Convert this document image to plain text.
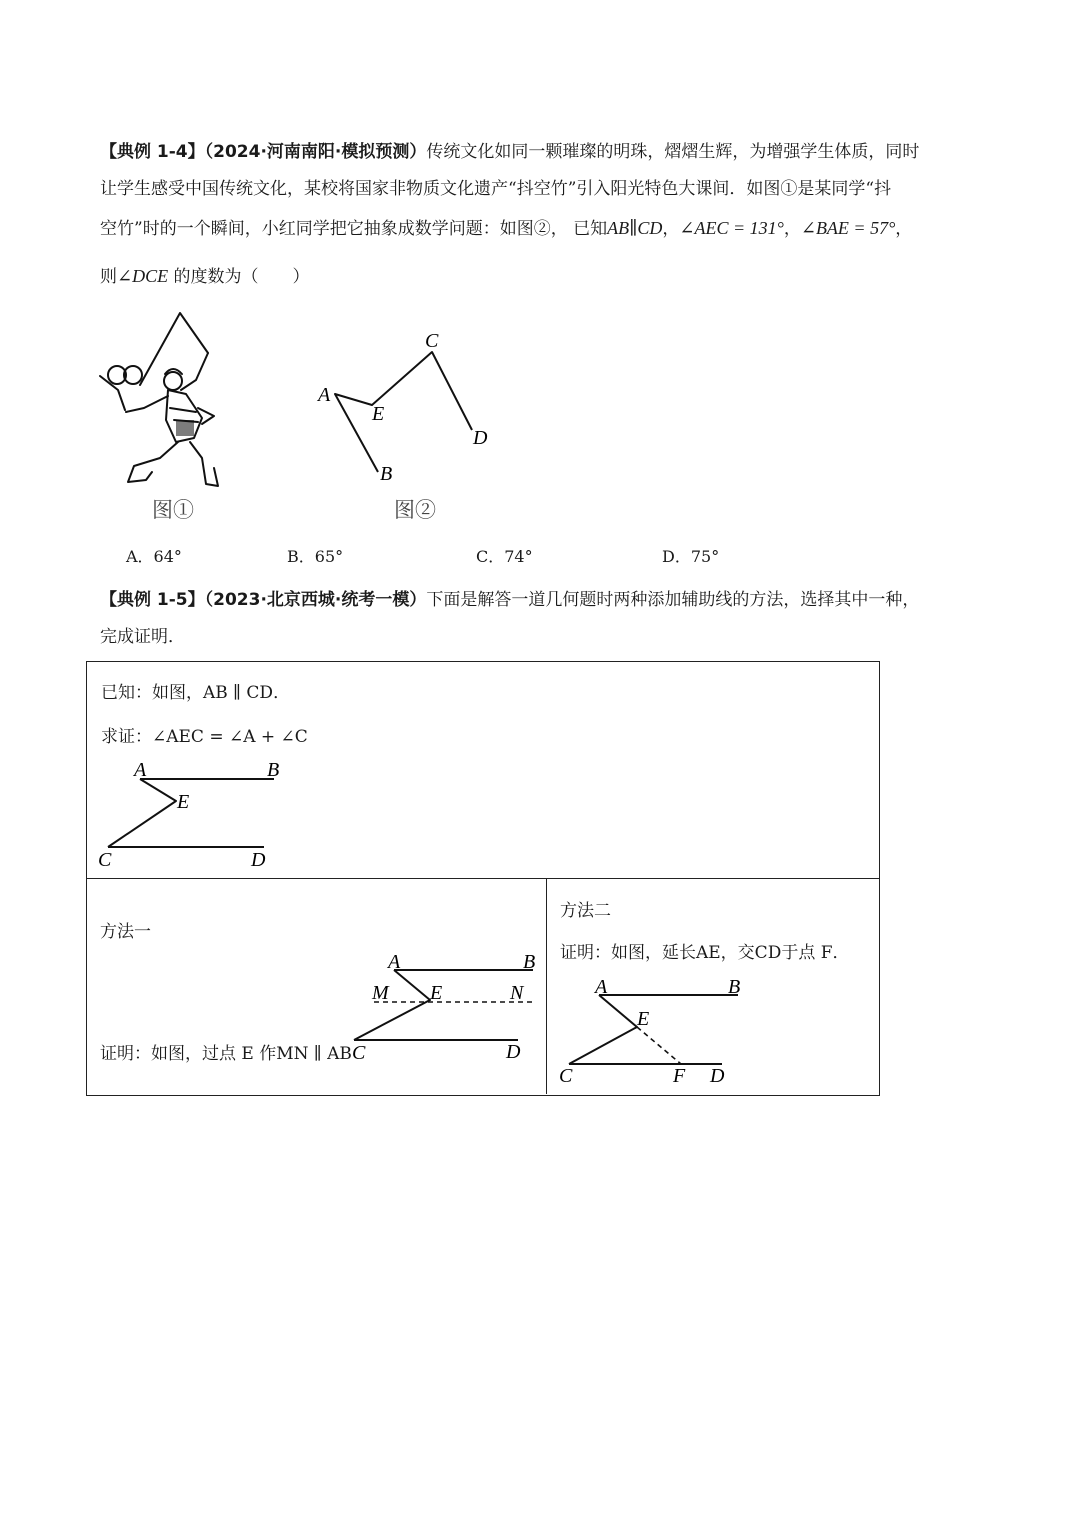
【典例 1-4】（2024·河南南阳·模拟预测）传统文化如同一颗璀璨的明珠，熠熠生辉，为增强学生体质，同时
让学生感受中国传统文化，某校将国家非物质文化遗产“抖空竹”引入阳光特色大课间．如图①是某同学“抖
空竹”时的一个瞬间，小红同学把它抽象成数学问题：如图②， 已知AB∥CD，∠AEC = 131°，∠BAE = 57°，
则∠DCE 的度数为（　　）
图①
A
B
C
D
E
图②
A．64°	B．65°	C．74°	D．75°
【典例 1-5】（2023·北京西城·统考一模）下面是解答一道几何题时两种添加辅助线的方法，选择其中一种，
完成证明．
已知：如图，AB ∥ CD．
求证：∠AEC = ∠A + ∠C
A	B
E
C	D
方法一
A	B
M E	N
C	D
证明：如图，过点 E 作MN ∥ AB
方法二
证明：如图，延长AE，交CD于点 F．
A	B
E
C	F D
